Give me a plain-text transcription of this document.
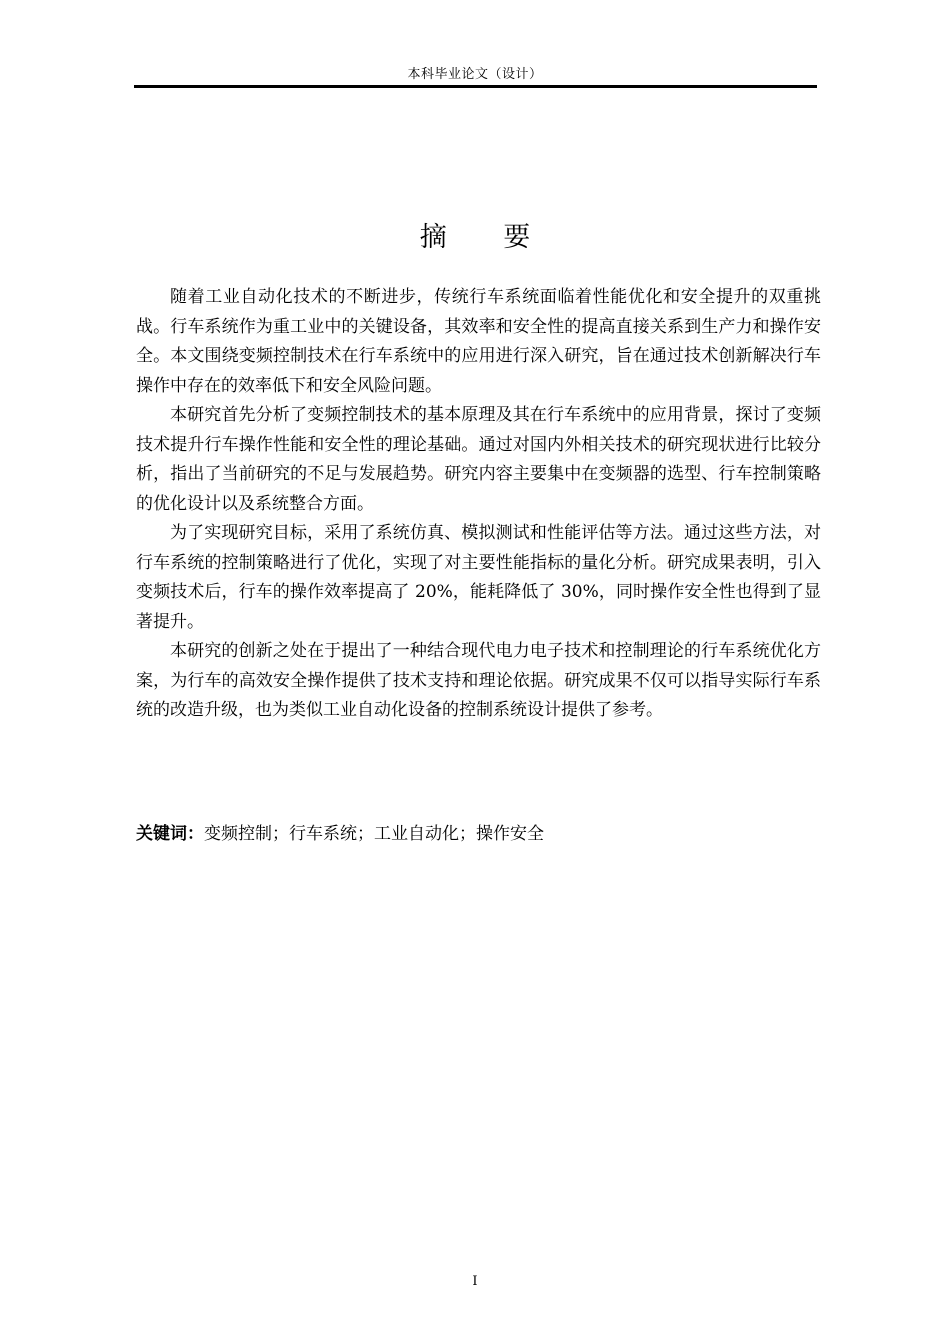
本科毕业论文（设计）
摘 要

随着工业自动化技术的不断进步，传统行车系统面临着性能优化和安全提升的双重挑战。行车系统作为重工业中的关键设备，其效率和安全性的提高直接关系到生产力和操作安全。本文围绕变频控制技术在行车系统中的应用进行深入研究，旨在通过技术创新解决行车操作中存在的效率低下和安全风险问题。

本研究首先分析了变频控制技术的基本原理及其在行车系统中的应用背景，探讨了变频技术提升行车操作性能和安全性的理论基础。通过对国内外相关技术的研究现状进行比较分析，指出了当前研究的不足与发展趋势。研究内容主要集中在变频器的选型、行车控制策略的优化设计以及系统整合方面。

为了实现研究目标，采用了系统仿真、模拟测试和性能评估等方法。通过这些方法，对行车系统的控制策略进行了优化，实现了对主要性能指标的量化分析。研究成果表明，引入变频技术后，行车的操作效率提高了 20%，能耗降低了 30%，同时操作安全性也得到了显著提升。

本研究的创新之处在于提出了一种结合现代电力电子技术和控制理论的行车系统优化方案，为行车的高效安全操作提供了技术支持和理论依据。研究成果不仅可以指导实际行车系统的改造升级，也为类似工业自动化设备的控制系统设计提供了参考。

关键词：变频控制；行车系统；工业自动化；操作安全
I
